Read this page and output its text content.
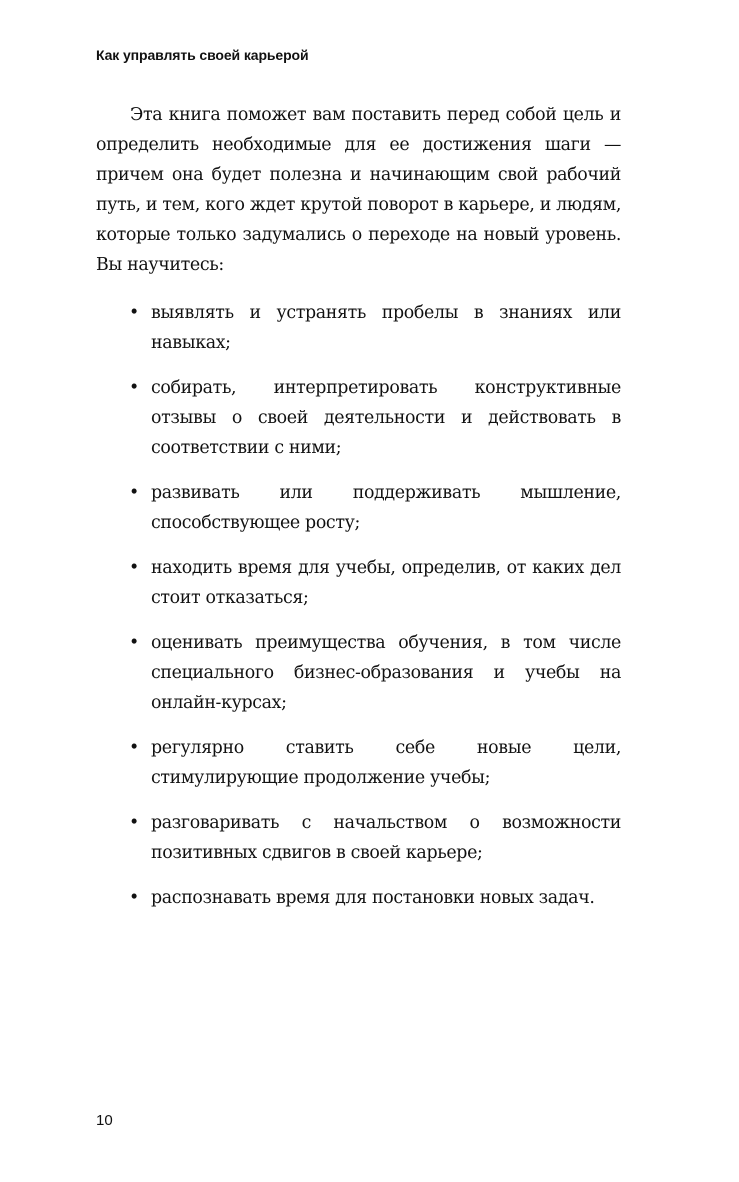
Как управлять своей карьерой

Эта книга поможет вам поставить перед собой цель и определить необходимые для ее достижения шаги — причем она будет полезна и начинающим свой рабочий путь, и тем, кого ждет крутой поворот в карьере, и людям, которые только задумались о переходе на новый уровень. Вы научитесь:

• выявлять и устранять пробелы в знаниях или навыках;
• собирать, интерпретировать конструктивные отзывы о своей деятельности и действовать в соответствии с ними;
• развивать или поддерживать мышление, способствующее росту;
• находить время для учебы, определив, от каких дел стоит отказаться;
• оценивать преимущества обучения, в том числе специального бизнес-образования и учебы на онлайн-курсах;
• регулярно ставить себе новые цели, стимулирующие продолжение учебы;
• разговаривать с начальством о возможности позитивных сдвигов в своей карьере;
• распознавать время для постановки новых задач.
10
